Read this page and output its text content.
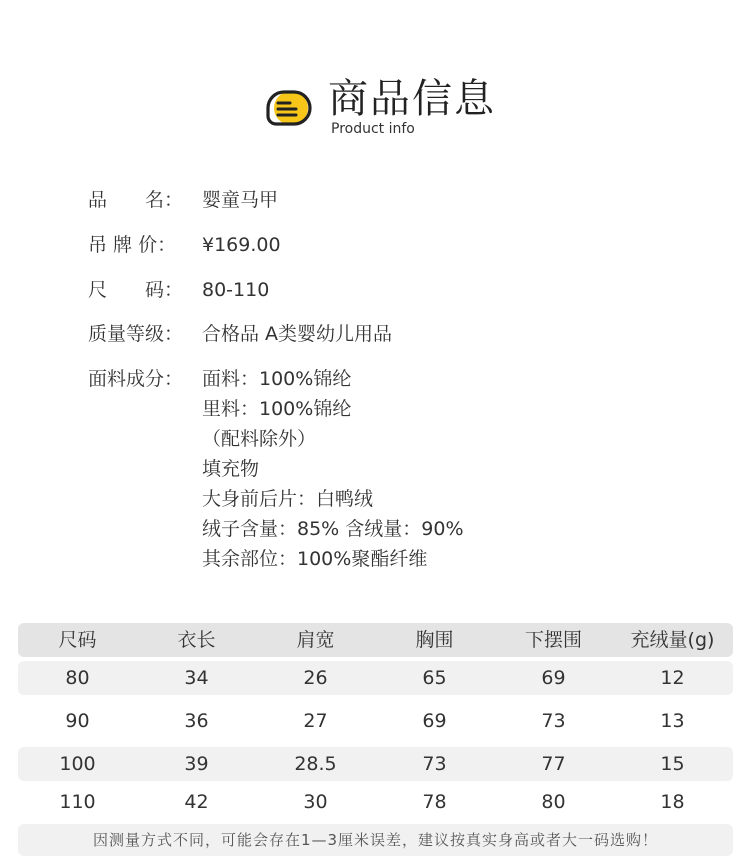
商品信息
Product info
品　　名： 婴童马甲
吊 牌 价： ¥169.00
尺　　码： 80-110
质量等级： 合格品 A类婴幼儿用品
面料成分： 面料：100%锦纶
里料：100%锦纶
（配料除外）
填充物
大身前后片：白鸭绒
绒子含量：85% 含绒量：90%
其余部位：100%聚酯纤维
尺码	衣长	肩宽	胸围	下摆围	充绒量(g)
80	34	26	65	69	12
90	36	27	69	73	13
100	39	28.5	73	77	15
110	42	30	78	80	18
因测量方式不同，可能会存在1—3厘米误差，建议按真实身高或者大一码选购！
